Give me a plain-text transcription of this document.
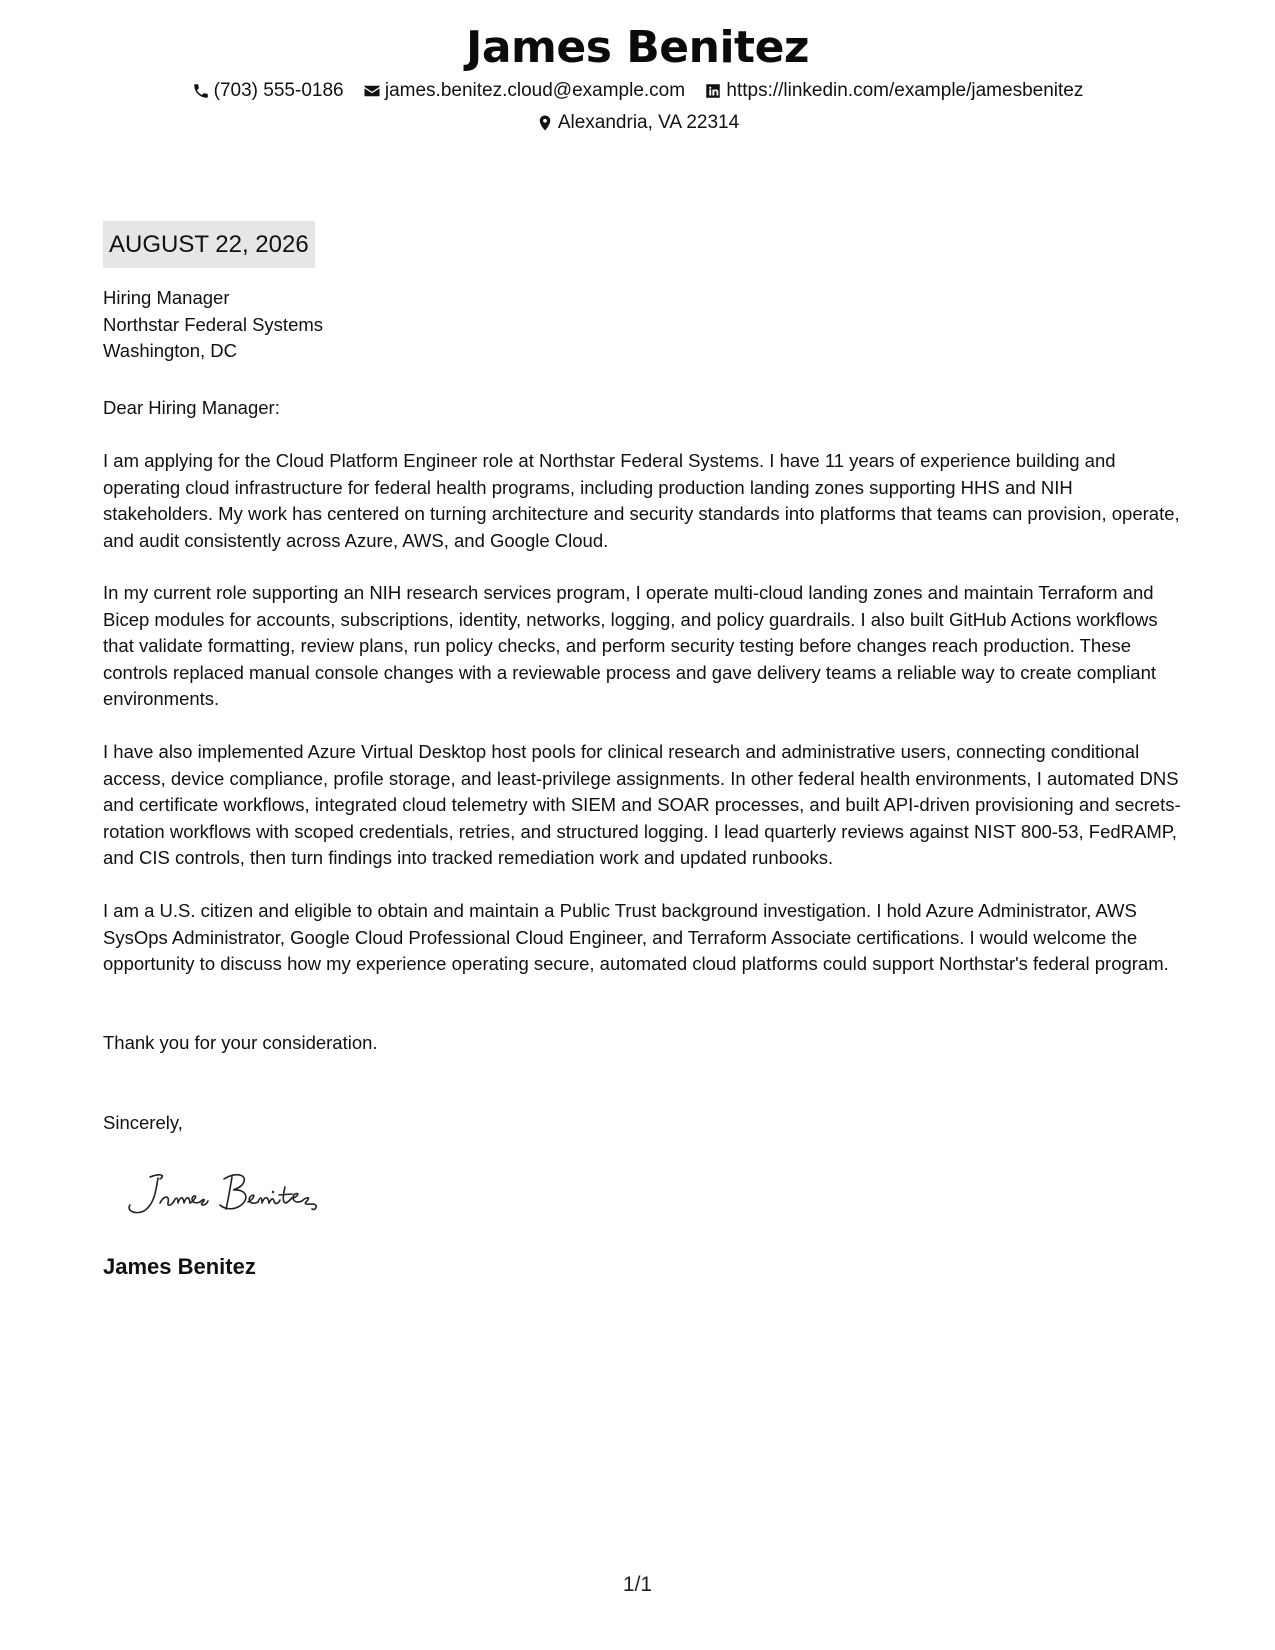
James Benitez
(703) 555-0186
james.benitez.cloud@example.com
https://linkedin.com/example/jamesbenitez
Alexandria, VA 22314
AUGUST 22, 2026
Hiring Manager
Northstar Federal Systems
Washington, DC

Dear Hiring Manager:

I am applying for the Cloud Platform Engineer role at Northstar Federal Systems. I have 11 years of experience building and operating cloud infrastructure for federal health programs, including production landing zones supporting HHS and NIH stakeholders. My work has centered on turning architecture and security standards into platforms that teams can provision, operate, and audit consistently across Azure, AWS, and Google Cloud.

In my current role supporting an NIH research services program, I operate multi-cloud landing zones and maintain Terraform and Bicep modules for accounts, subscriptions, identity, networks, logging, and policy guardrails. I also built GitHub Actions workflows that validate formatting, review plans, run policy checks, and perform security testing before changes reach production. These controls replaced manual console changes with a reviewable process and gave delivery teams a reliable way to create compliant environments.

I have also implemented Azure Virtual Desktop host pools for clinical research and administrative users, connecting conditional access, device compliance, profile storage, and least-privilege assignments. In other federal health environments, I automated DNS and certificate workflows, integrated cloud telemetry with SIEM and SOAR processes, and built API-driven provisioning and secrets-rotation workflows with scoped credentials, retries, and structured logging. I lead quarterly reviews against NIST 800-53, FedRAMP, and CIS controls, then turn findings into tracked remediation work and updated runbooks.

I am a U.S. citizen and eligible to obtain and maintain a Public Trust background investigation. I hold Azure Administrator, AWS SysOps Administrator, Google Cloud Professional Cloud Engineer, and Terraform Associate certifications. I would welcome the opportunity to discuss how my experience operating secure, automated cloud platforms could support Northstar's federal program.

Thank you for your consideration.

Sincerely,

James Benitez
1/1
